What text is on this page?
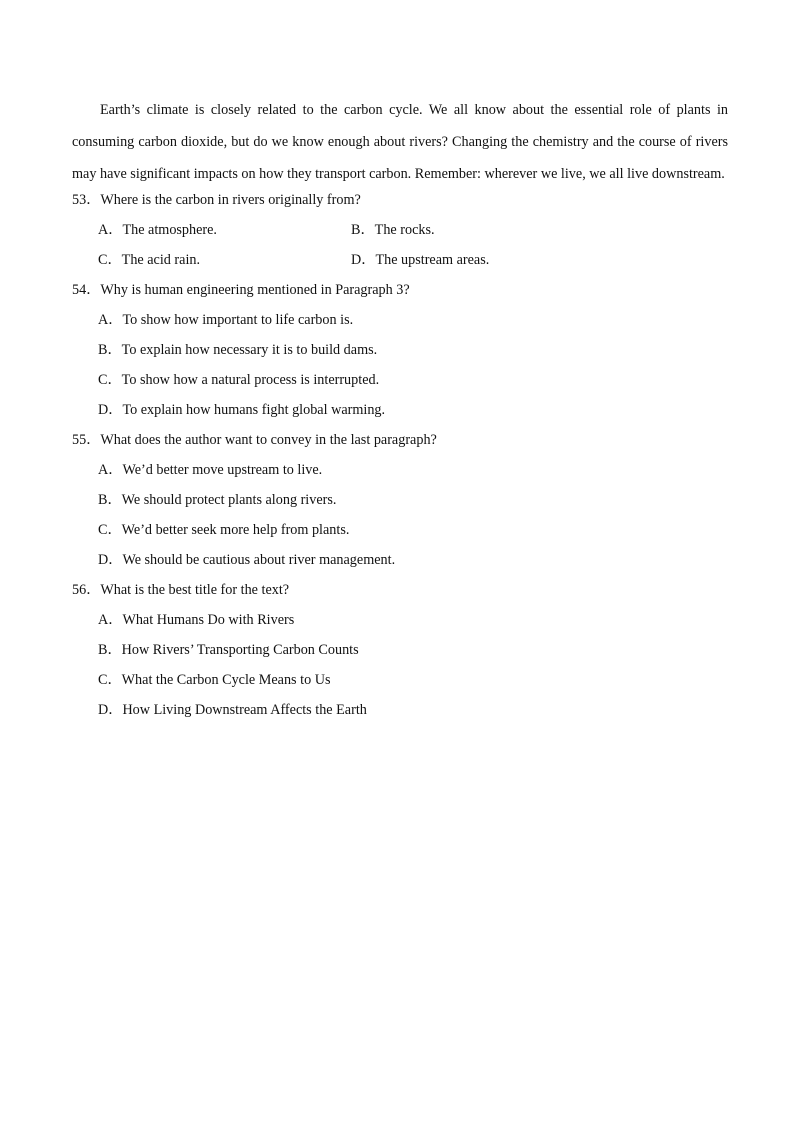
Earth’s climate is closely related to the carbon cycle. We all know about the essential role of plants in consuming carbon dioxide, but do we know enough about rivers? Changing the chemistry and the course of rivers may have significant impacts on how they transport carbon. Remember: wherever we live, we all live downstream.

53．Where is the carbon in rivers originally from?
A．The atmosphere.	B．The rocks.
C．The acid rain.	D．The upstream areas.
54．Why is human engineering mentioned in Paragraph 3?
A．To show how important to life carbon is.
B．To explain how necessary it is to build dams.
C．To show how a natural process is interrupted.
D．To explain how humans fight global warming.
55．What does the author want to convey in the last paragraph?
A．We’d better move upstream to live.
B．We should protect plants along rivers.
C．We’d better seek more help from plants.
D．We should be cautious about river management.
56．What is the best title for the text?
A．What Humans Do with Rivers
B．How Rivers’ Transporting Carbon Counts
C．What the Carbon Cycle Means to Us
D．How Living Downstream Affects the Earth
